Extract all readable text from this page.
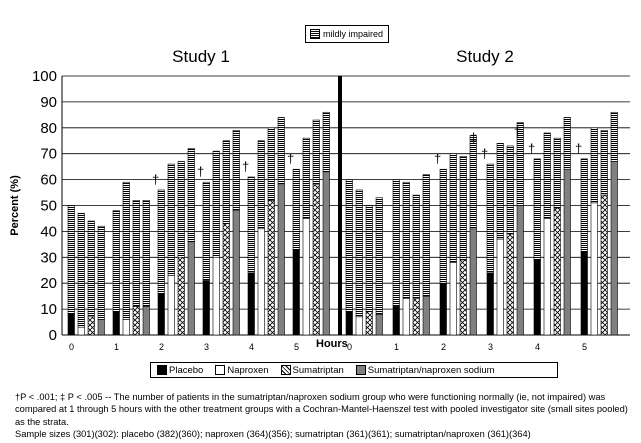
0
10
20
30
40
50
60
70
80
90
100
Percent (%)
Study 1
0	1	2
†
3
†
4
†
5
†
Study 2
0	1	2
†
3
†
4
†
5
†
‡	†
Hours
mildly impaired
Placebo	Naproxen	Sumatriptan	Sumatriptan/naproxen sodium

†P < .001; ‡ P < .005 -- The number of patients in the sumatriptan/naproxen sodium group who were functioning normally (ie, not impaired) was compared at 1 through 5 hours with the other treatment groups with a Cochran-Mantel-Haenszel test with pooled investigator site (small sites pooled) as the strata.

Sample sizes (301)(302): placebo (382)(360); naproxen (364)(356); sumatriptan (361)(361); sumatriptan/naproxen (361)(364)
